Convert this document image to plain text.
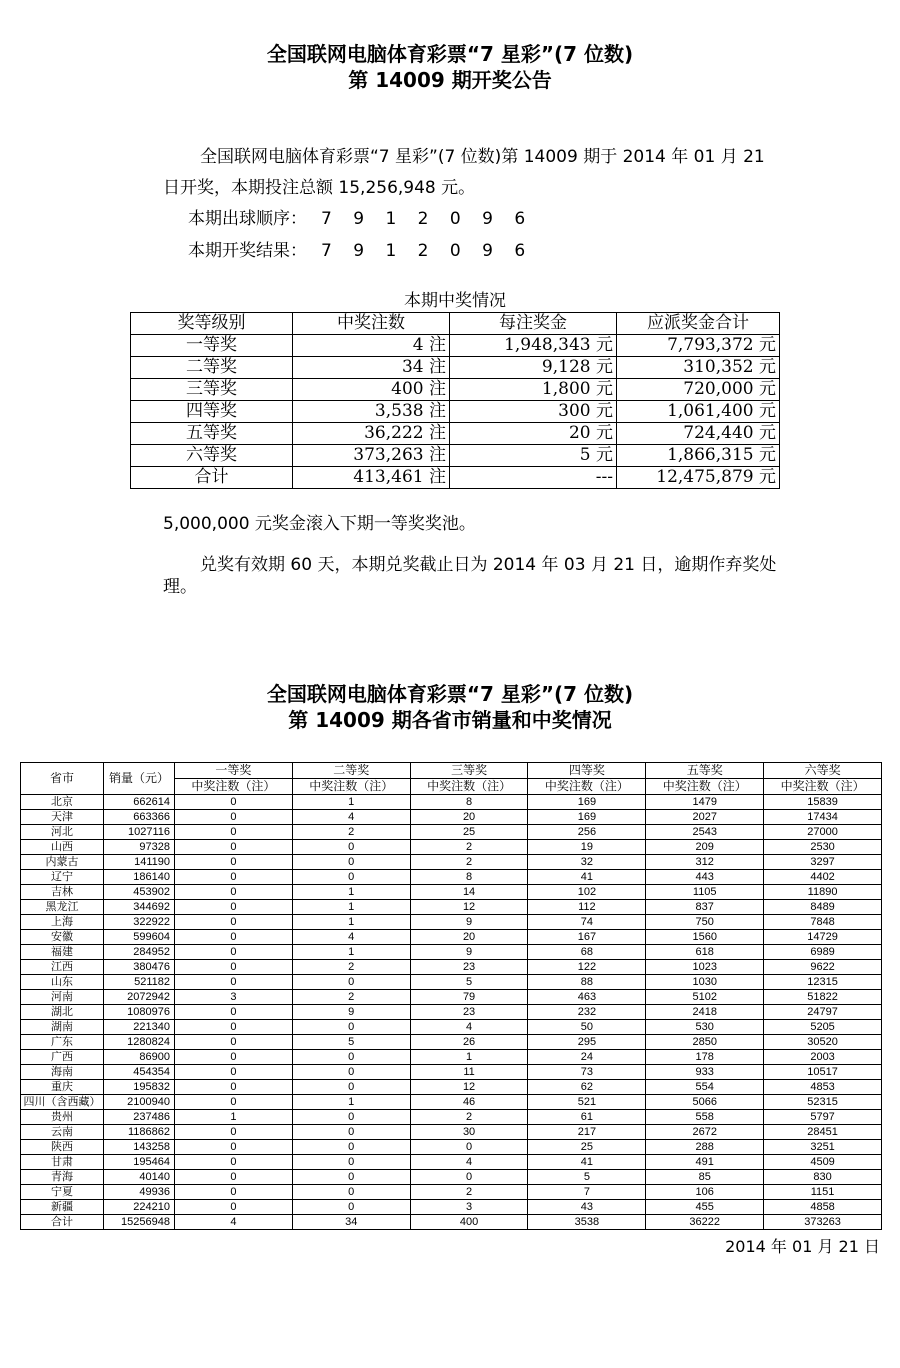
全国联网电脑体育彩票“7 星彩”(7 位数)
第 14009 期开奖公告
全国联网电脑体育彩票“7 星彩”(7 位数)第 14009 期于 2014 年 01 月 21
日开奖，本期投注总额 15,256,948 元。
本期出球顺序： 7 9 1 2 0 9 6
本期开奖结果： 7 9 1 2 0 9 6
本期中奖情况
奖等级别	中奖注数	每注奖金	应派奖金合计
一等奖	4 注	1,948,343 元	7,793,372 元
二等奖	34 注	9,128 元	310,352 元
三等奖	400 注	1,800 元	720,000 元
四等奖	3,538 注	300 元	1,061,400 元
五等奖	36,222 注	20 元	724,440 元
六等奖	373,263 注	5 元	1,866,315 元
合计	413,461 注	---	12,475,879 元
5,000,000 元奖金滚入下期一等奖奖池。
兑奖有效期 60 天，本期兑奖截止日为 2014 年 03 月 21 日，逾期作弃奖处
理。
全国联网电脑体育彩票“7 星彩”(7 位数)
第 14009 期各省市销量和中奖情况
省市	销量（元）	一等奖	二等奖	三等奖	四等奖	五等奖	六等奖
		中奖注数（注）	中奖注数（注）	中奖注数（注）	中奖注数（注）	中奖注数（注）	中奖注数（注）
北京	662614	0	1	8	169	1479	15839
天津	663366	0	4	20	169	2027	17434
河北	1027116	0	2	25	256	2543	27000
山西	97328	0	0	2	19	209	2530
内蒙古	141190	0	0	2	32	312	3297
辽宁	186140	0	0	8	41	443	4402
吉林	453902	0	1	14	102	1105	11890
黑龙江	344692	0	1	12	112	837	8489
上海	322922	0	1	9	74	750	7848
安徽	599604	0	4	20	167	1560	14729
福建	284952	0	1	9	68	618	6989
江西	380476	0	2	23	122	1023	9622
山东	521182	0	0	5	88	1030	12315
河南	2072942	3	2	79	463	5102	51822
湖北	1080976	0	9	23	232	2418	24797
湖南	221340	0	0	4	50	530	5205
广东	1280824	0	5	26	295	2850	30520
广西	86900	0	0	1	24	178	2003
海南	454354	0	0	11	73	933	10517
重庆	195832	0	0	12	62	554	4853
四川（含西藏）	2100940	0	1	46	521	5066	52315
贵州	237486	1	0	2	61	558	5797
云南	1186862	0	0	30	217	2672	28451
陕西	143258	0	0	0	25	288	3251
甘肃	195464	0	0	4	41	491	4509
青海	40140	0	0	0	5	85	830
宁夏	49936	0	0	2	7	106	1151
新疆	224210	0	0	3	43	455	4858
合计	15256948	4	34	400	3538	36222	373263
2014 年 01 月 21 日
